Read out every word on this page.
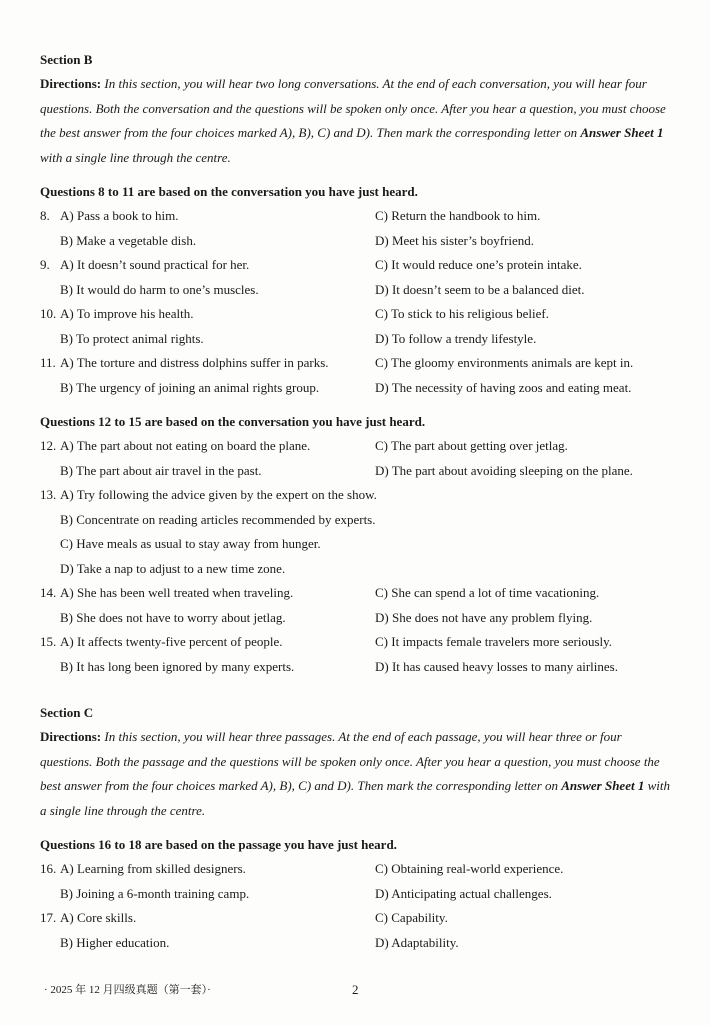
Section B
Directions: In this section, you will hear two long conversations. At the end of each conversation, you will hear four questions. Both the conversation and the questions will be spoken only once. After you hear a question, you must choose the best answer from the four choices marked A), B), C) and D). Then mark the corresponding letter on Answer Sheet 1 with a single line through the centre.
Questions 8 to 11 are based on the conversation you have just heard.
8. A) Pass a book to him.	C) Return the handbook to him.
B) Make a vegetable dish.	D) Meet his sister’s boyfriend.
9. A) It doesn’t sound practical for her.	C) It would reduce one’s protein intake.
B) It would do harm to one’s muscles.	D) It doesn’t seem to be a balanced diet.
10. A) To improve his health.	C) To stick to his religious belief.
B) To protect animal rights.	D) To follow a trendy lifestyle.
11. A) The torture and distress dolphins suffer in parks.	C) The gloomy environments animals are kept in.
B) The urgency of joining an animal rights group.	D) The necessity of having zoos and eating meat.
Questions 12 to 15 are based on the conversation you have just heard.
12. A) The part about not eating on board the plane.	C) The part about getting over jetlag.
B) The part about air travel in the past.	D) The part about avoiding sleeping on the plane.
13. A) Try following the advice given by the expert on the show.
B) Concentrate on reading articles recommended by experts.
C) Have meals as usual to stay away from hunger.
D) Take a nap to adjust to a new time zone.
14. A) She has been well treated when traveling.	C) She can spend a lot of time vacationing.
B) She does not have to worry about jetlag.	D) She does not have any problem flying.
15. A) It affects twenty-five percent of people.	C) It impacts female travelers more seriously.
B) It has long been ignored by many experts.	D) It has caused heavy losses to many airlines.
Section C
Directions: In this section, you will hear three passages. At the end of each passage, you will hear three or four questions. Both the passage and the questions will be spoken only once. After you hear a question, you must choose the best answer from the four choices marked A), B), C) and D). Then mark the corresponding letter on Answer Sheet 1 with a single line through the centre.
Questions 16 to 18 are based on the passage you have just heard.
16. A) Learning from skilled designers.	C) Obtaining real-world experience.
B) Joining a 6-month training camp.	D) Anticipating actual challenges.
17. A) Core skills.	C) Capability.
B) Higher education.	D) Adaptability.
· 2025 年 12 月四级真题（第一套）·	2
